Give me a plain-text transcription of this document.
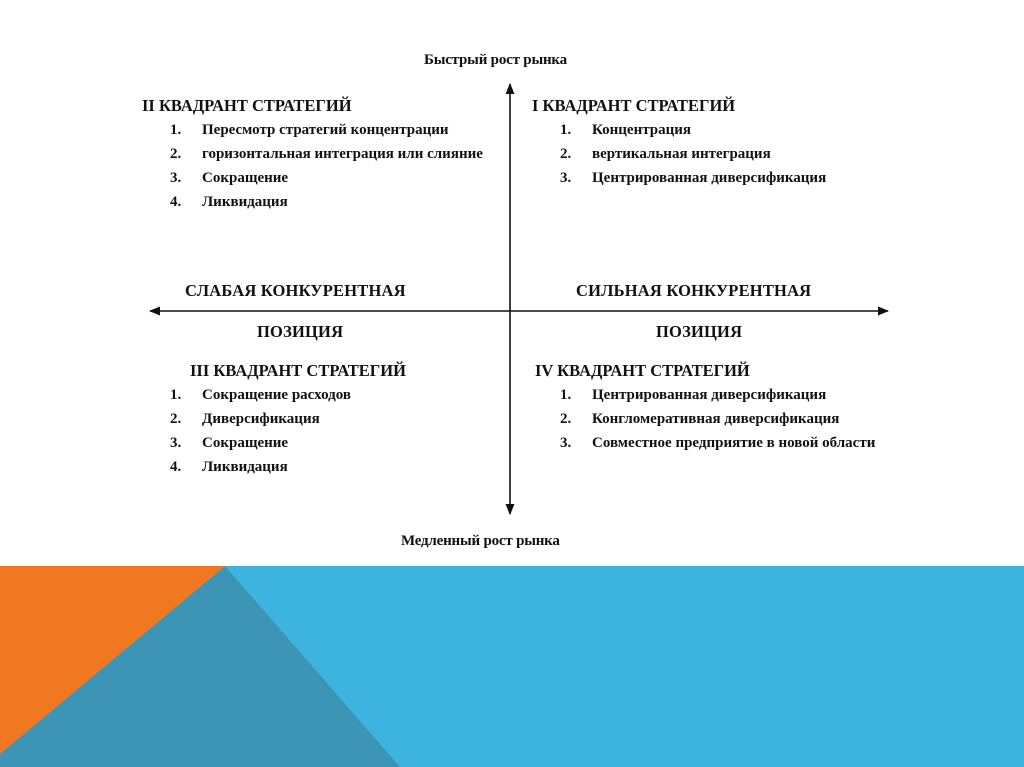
Быстрый рост рынка
Медленный рост рынка
СЛАБАЯ КОНКУРЕНТНАЯ
ПОЗИЦИЯ
СИЛЬНАЯ КОНКУРЕНТНАЯ
ПОЗИЦИЯ
II КВАДРАНТ СТРАТЕГИЙ
1. Пересмотр стратегий концентрации
2. горизонтальная интеграция или слияние
3. Сокращение
4. Ликвидация
I КВАДРАНТ СТРАТЕГИЙ
1. Концентрация
2. вертикальная интеграция
3. Центрированная диверсификация
III КВАДРАНТ СТРАТЕГИЙ
1. Сокращение расходов
2. Диверсификация
3. Сокращение
4. Ликвидация
IV КВАДРАНТ СТРАТЕГИЙ
1. Центрированная диверсификация
2. Конгломеративная диверсификация
3. Совместное предприятие в новой области
